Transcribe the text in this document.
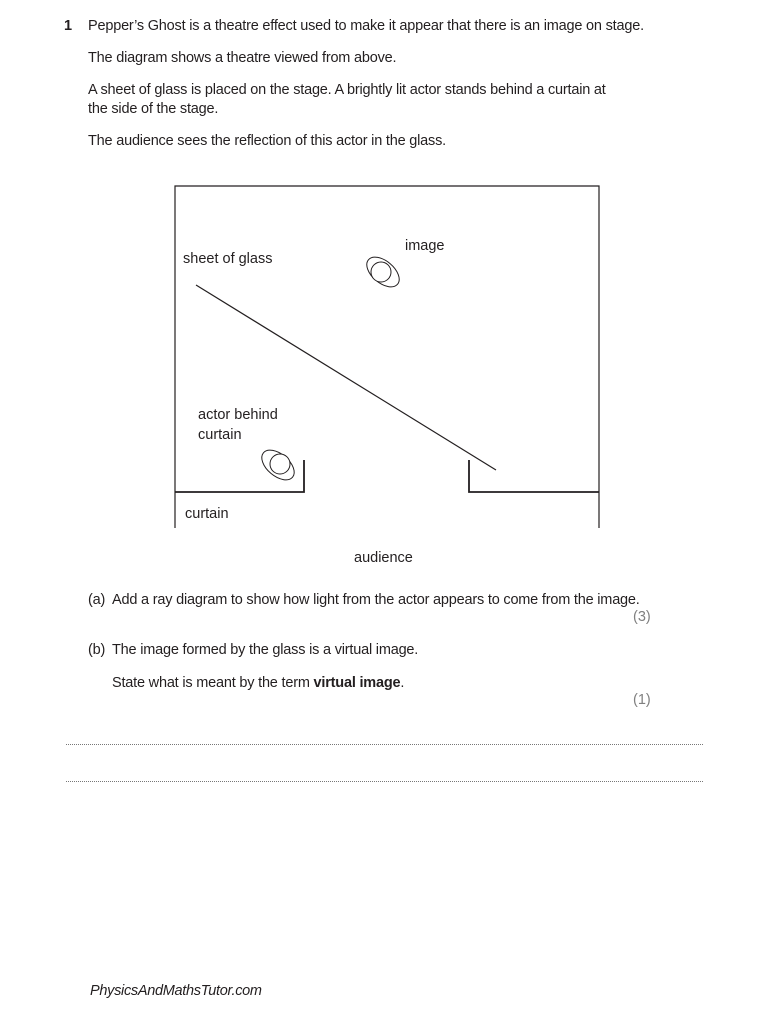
1 Pepper’s Ghost is a theatre effect used to make it appear that there is an image on stage.

The diagram shows a theatre viewed from above.

A sheet of glass is placed on the stage. A brightly lit actor stands behind a curtain at

the side of the stage.

The audience sees the reflection of this actor in the glass.

image
sheet of glass
actor behind
curtain
curtain
audience

(a) Add a ray diagram to show how light from the actor appears to come from the image.

(3)

(b) The image formed by the glass is a virtual image.

State what is meant by the term virtual image.

(1)

PhysicsAndMathsTutor.com
